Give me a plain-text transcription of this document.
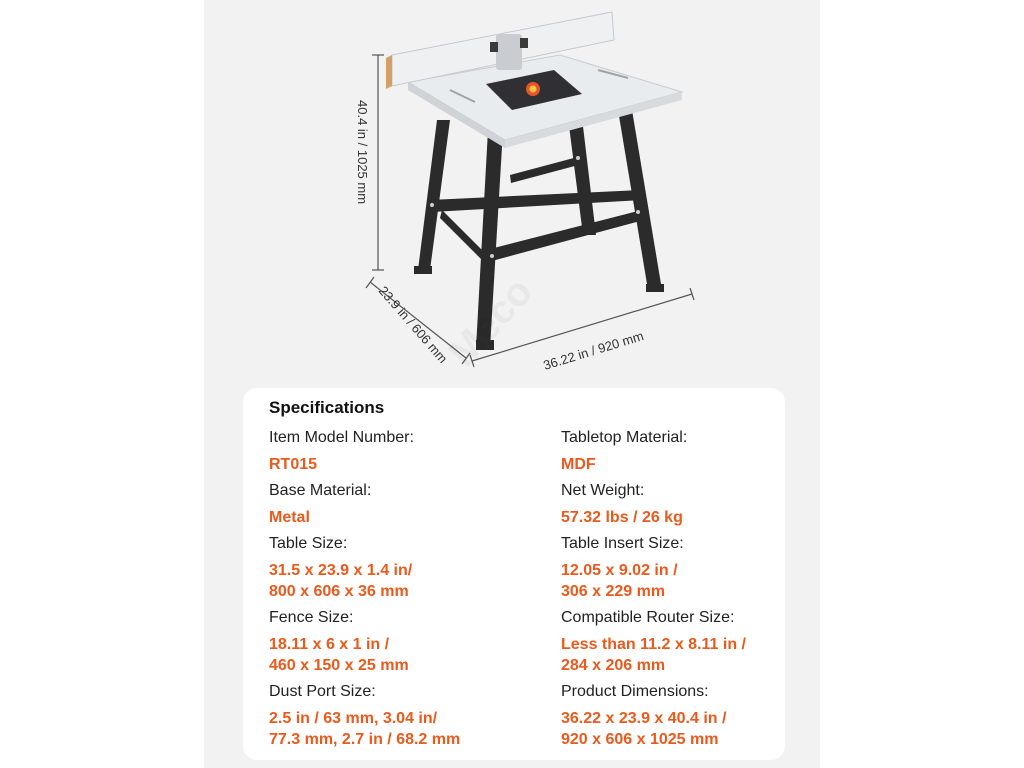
40.4 in / 1025 mm
23.9 in / 606 mm	36.22 in / 920 mm
Specifications
Item Model Number:
RT015
Base Material:
Metal
Table Size:
31.5 x 23.9 x 1.4 in/
800 x 606 x 36 mm
Fence Size:
18.11 x 6 x 1 in /
460 x 150 x 25 mm
Dust Port Size:
2.5 in / 63 mm, 3.04 in/
77.3 mm, 2.7 in / 68.2 mm
Tabletop Material:
MDF
Net Weight:
57.32 lbs / 26 kg
Table Insert Size:
12.05 x 9.02 in /
306 x 229 mm
Compatible Router Size:
Less than 11.2 x 8.11 in /
284 x 206 mm
Product Dimensions:
36.22 x 23.9 x 40.4 in /
920 x 606 x 1025 mm
